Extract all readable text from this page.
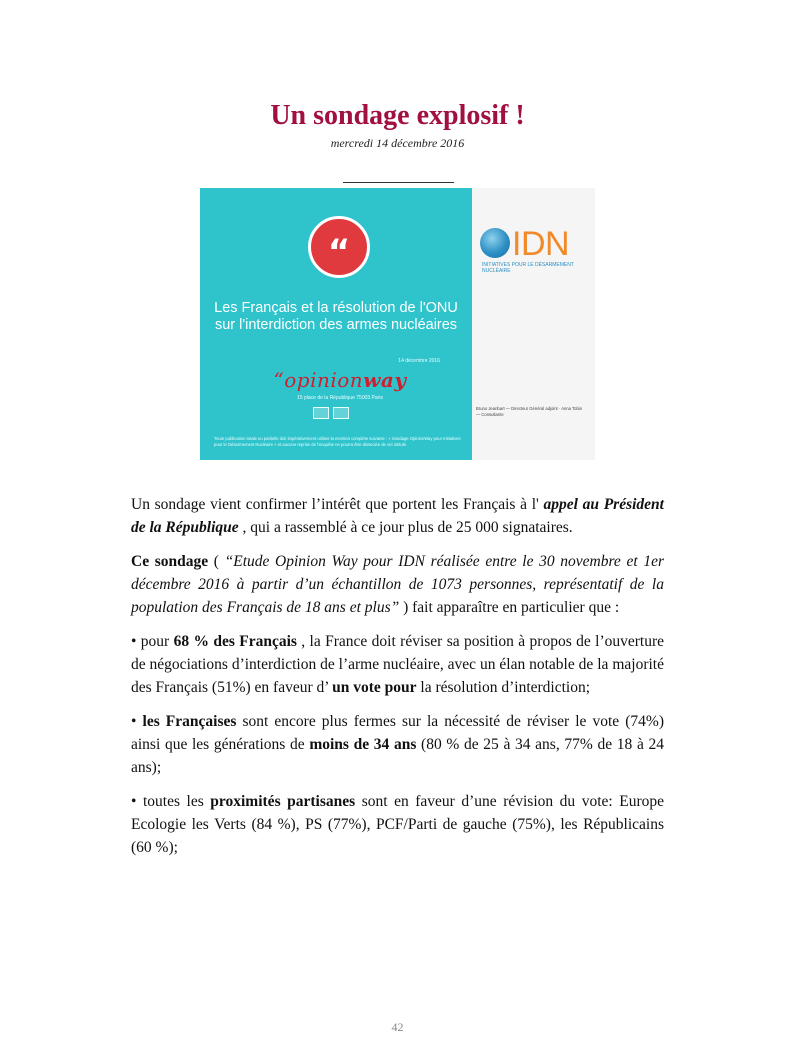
Un sondage explosif !
mercredi 14 décembre 2016
“
Les Français et la résolution de l'ONU sur l'interdiction des armes nucléaires
14 décembre 2016
“opinionway
15 place de la République 75003 Paris
Toute publication totale ou partielle doit impérativement utiliser la mention complète suivante : « Sondage OpinionWay pour Initiatives pour le Désarmement Nucléaire » et aucune reprise de l'enquête ne pourra être dissociée de cet intitulé.
IDN
INITIATIVES POUR LE DÉSARMEMENT NUCLÉAIRE
Bruno Jeanbart — Directeur Général adjoint · Anna Tobin — Consultante

Un sondage vient confirmer l’intérêt que portent les Français à l' appel au Président de la République , qui a rassemblé à ce jour plus de 25 000 signataires.

Ce sondage ( “Etude Opinion Way pour IDN réalisée entre le 30 novembre et 1er décembre 2016 à partir d’un échantillon de 1073 personnes, représentatif de la population des Français de 18 ans et plus” ) fait apparaître en particulier que :

• pour 68 % des Français , la France doit réviser sa position à propos de l’ouverture de négociations d’interdiction de l’arme nucléaire, avec un élan notable de la majorité des Français (51%) en faveur d’ un vote pour la résolution d’interdiction;

• les Françaises sont encore plus fermes sur la nécessité de réviser le vote (74%) ainsi que les générations de moins de 34 ans (80 % de 25 à 34 ans, 77% de 18 à 24 ans);

• toutes les proximités partisanes sont en faveur d’une révision du vote: Europe Ecologie les Verts (84 %), PS (77%), PCF/Parti de gauche (75%), les Républicains (60 %);

42
